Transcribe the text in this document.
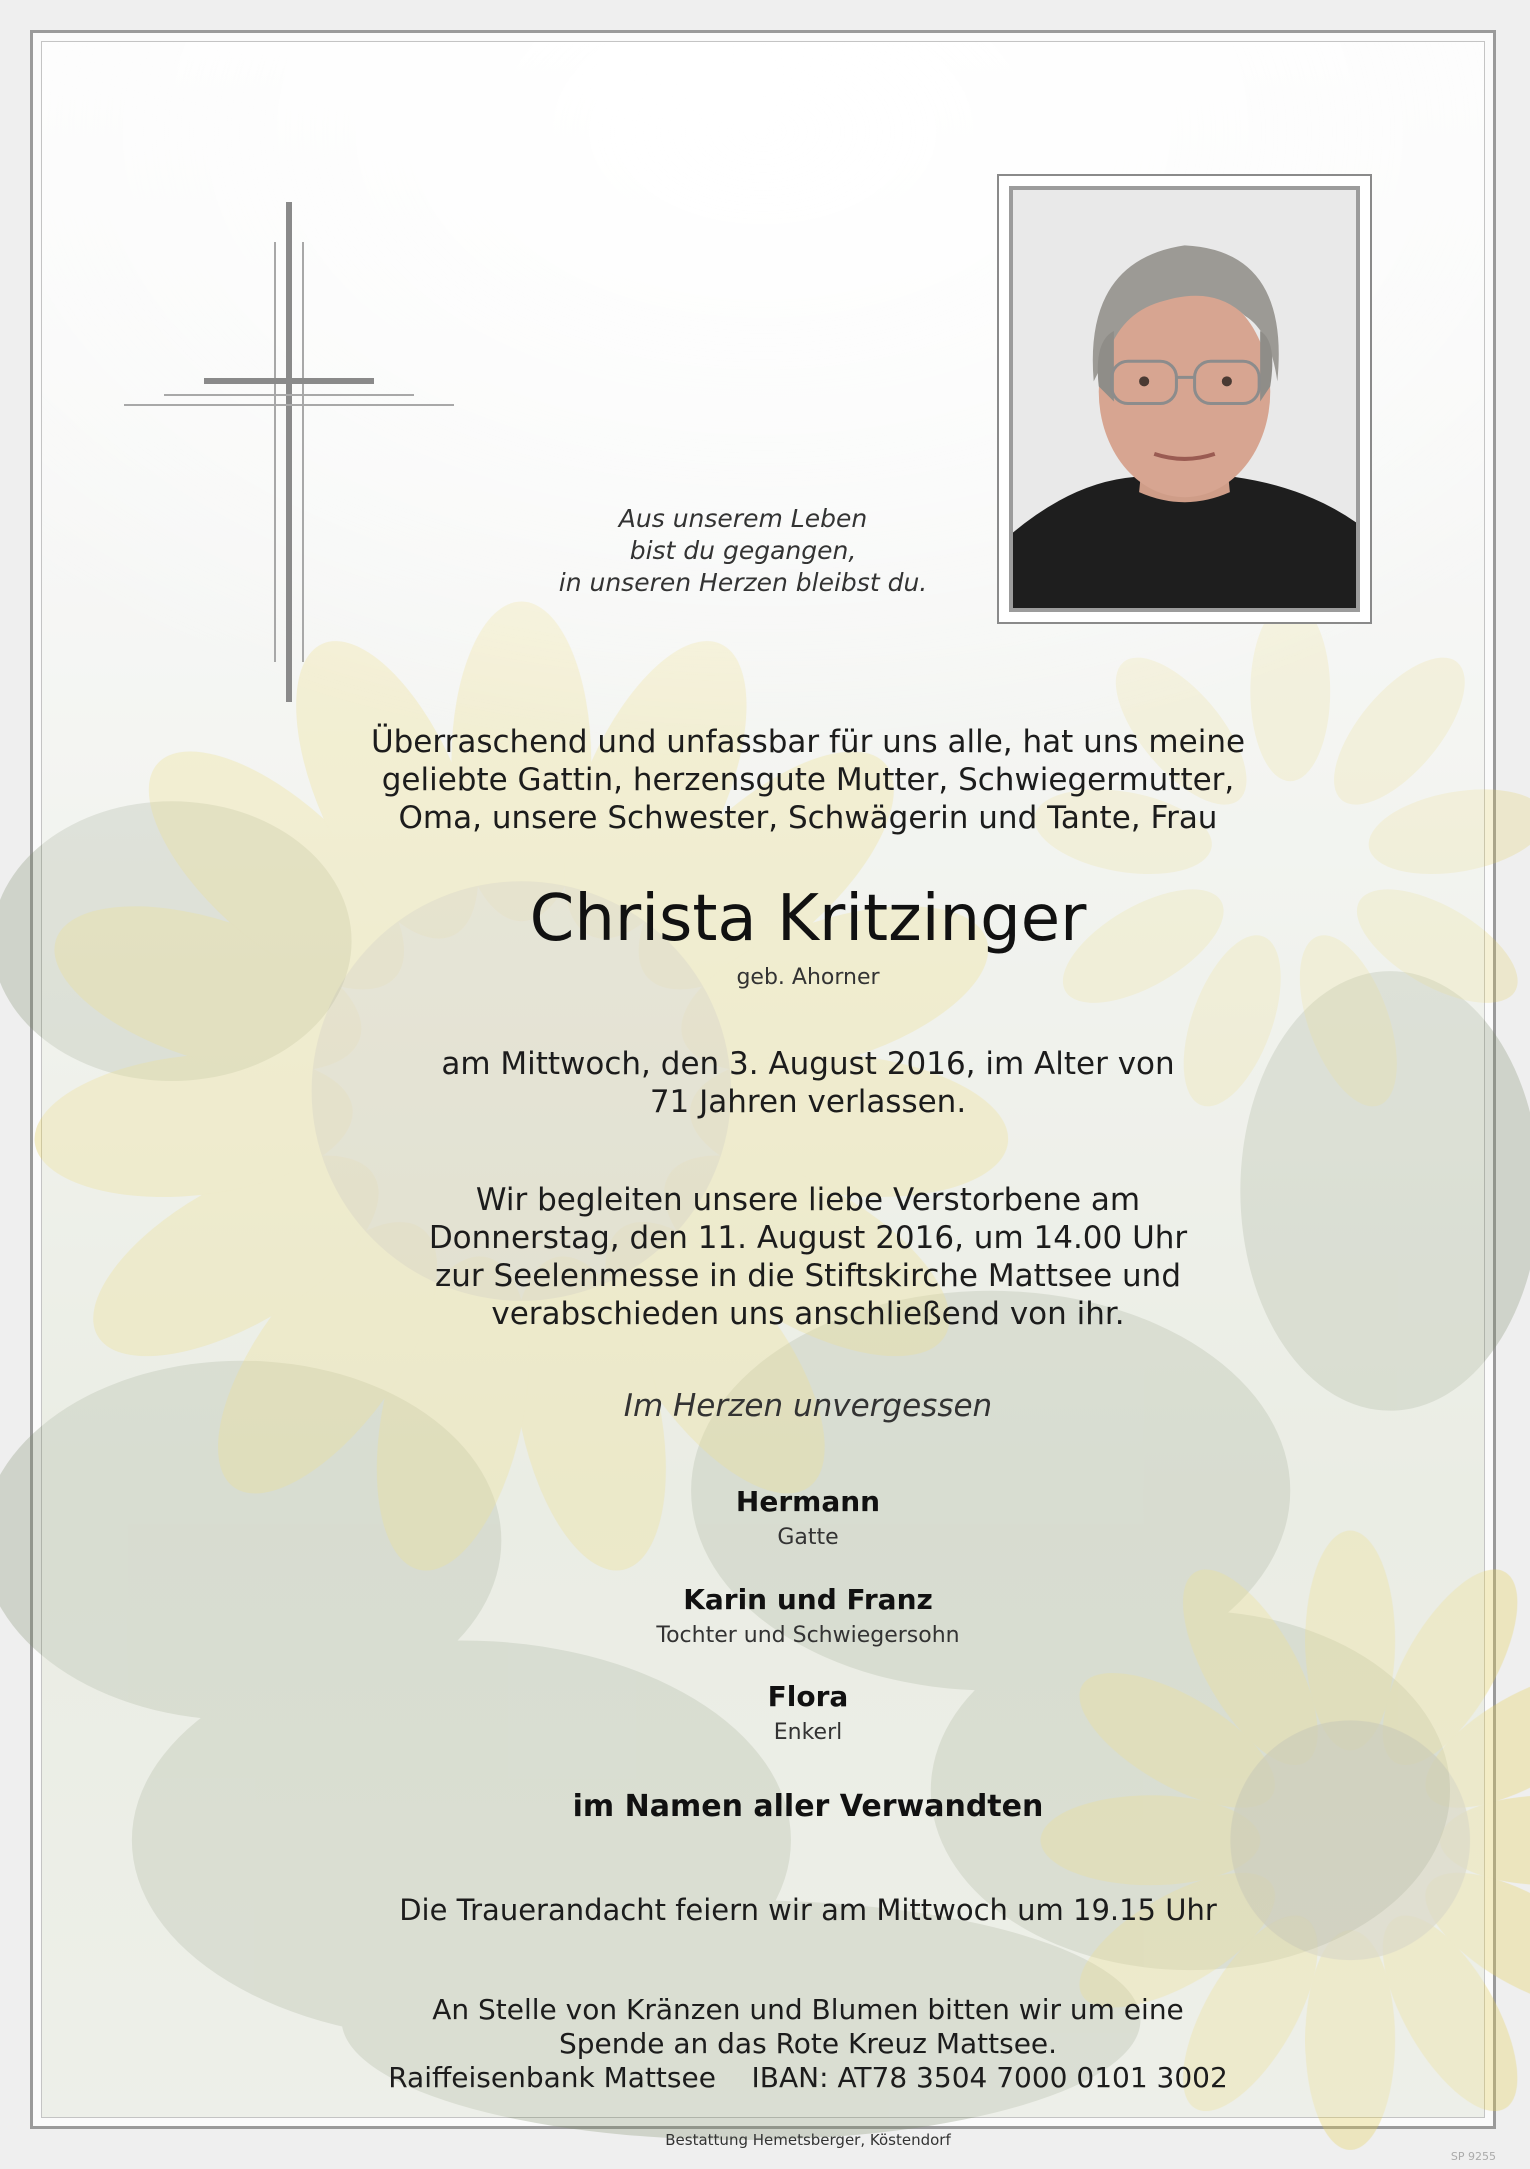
Aus unserem Leben
bist du gegangen,
in unseren Herzen bleibst du.
Überraschend und unfassbar für uns alle, hat uns meine
geliebte Gattin, herzensgute Mutter, Schwiegermutter,
Oma, unsere Schwester, Schwägerin und Tante, Frau
Christa Kritzinger
geb. Ahorner
am Mittwoch, den 3. August 2016, im Alter von
71 Jahren verlassen.
Wir begleiten unsere liebe Verstorbene am
Donnerstag, den 11. August 2016, um 14.00 Uhr
zur Seelenmesse in die Stiftskirche Mattsee und
verabschieden uns anschließend von ihr.
Im Herzen unvergessen
Hermann
Gatte
Karin und Franz
Tochter und Schwiegersohn
Flora
Enkerl
im Namen aller Verwandten
Die Trauerandacht feiern wir am Mittwoch um 19.15 Uhr
An Stelle von Kränzen und Blumen bitten wir um eine
Spende an das Rote Kreuz Mattsee.
Raiffeisenbank Mattsee    IBAN: AT78 3504 7000 0101 3002
Bestattung Hemetsberger, Köstendorf
SP 9255
